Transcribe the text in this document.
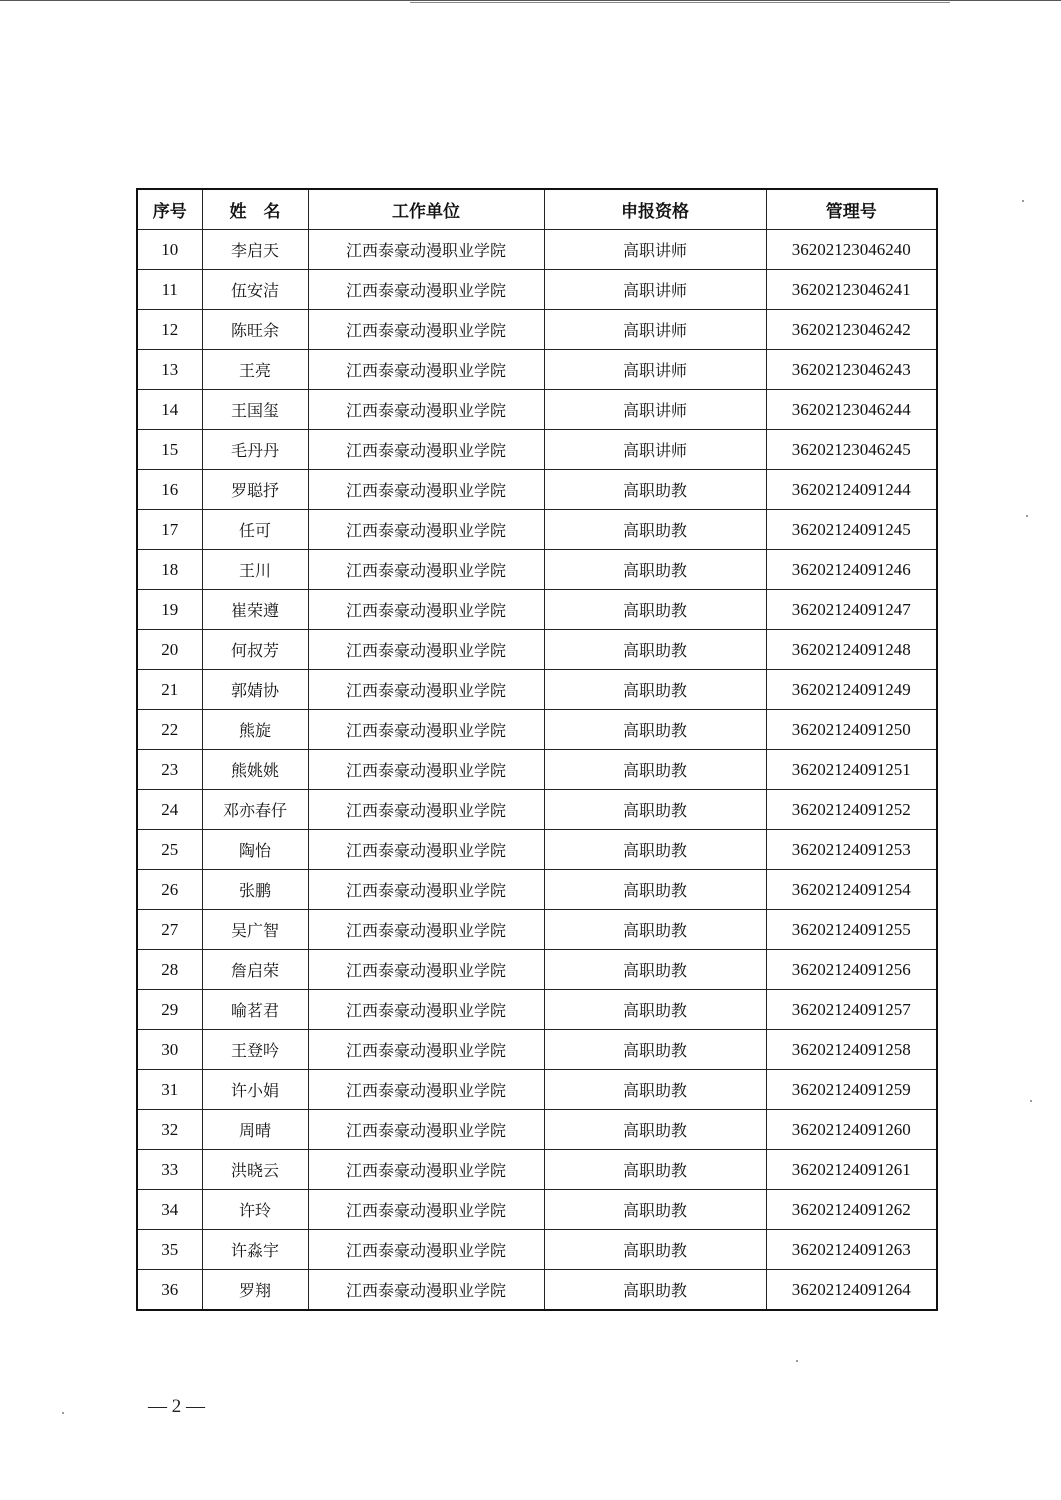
序号	姓　名	工作单位	申报资格	管理号
10	李启天	江西泰豪动漫职业学院	高职讲师	36202123046240
11	伍安洁	江西泰豪动漫职业学院	高职讲师	36202123046241
12	陈旺余	江西泰豪动漫职业学院	高职讲师	36202123046242
13	王亮	江西泰豪动漫职业学院	高职讲师	36202123046243
14	王国玺	江西泰豪动漫职业学院	高职讲师	36202123046244
15	毛丹丹	江西泰豪动漫职业学院	高职讲师	36202123046245
16	罗聪抒	江西泰豪动漫职业学院	高职助教	36202124091244
17	任可	江西泰豪动漫职业学院	高职助教	36202124091245
18	王川	江西泰豪动漫职业学院	高职助教	36202124091246
19	崔荣遵	江西泰豪动漫职业学院	高职助教	36202124091247
20	何叔芳	江西泰豪动漫职业学院	高职助教	36202124091248
21	郭婧协	江西泰豪动漫职业学院	高职助教	36202124091249
22	熊旋	江西泰豪动漫职业学院	高职助教	36202124091250
23	熊姚姚	江西泰豪动漫职业学院	高职助教	36202124091251
24	邓亦春仔	江西泰豪动漫职业学院	高职助教	36202124091252
25	陶怡	江西泰豪动漫职业学院	高职助教	36202124091253
26	张鹏	江西泰豪动漫职业学院	高职助教	36202124091254
27	吴广智	江西泰豪动漫职业学院	高职助教	36202124091255
28	詹启荣	江西泰豪动漫职业学院	高职助教	36202124091256
29	喻茗君	江西泰豪动漫职业学院	高职助教	36202124091257
30	王登吟	江西泰豪动漫职业学院	高职助教	36202124091258
31	许小娟	江西泰豪动漫职业学院	高职助教	36202124091259
32	周晴	江西泰豪动漫职业学院	高职助教	36202124091260
33	洪晓云	江西泰豪动漫职业学院	高职助教	36202124091261
34	许玲	江西泰豪动漫职业学院	高职助教	36202124091262
35	许淼宇	江西泰豪动漫职业学院	高职助教	36202124091263
36	罗翔	江西泰豪动漫职业学院	高职助教	36202124091264
— 2 —
